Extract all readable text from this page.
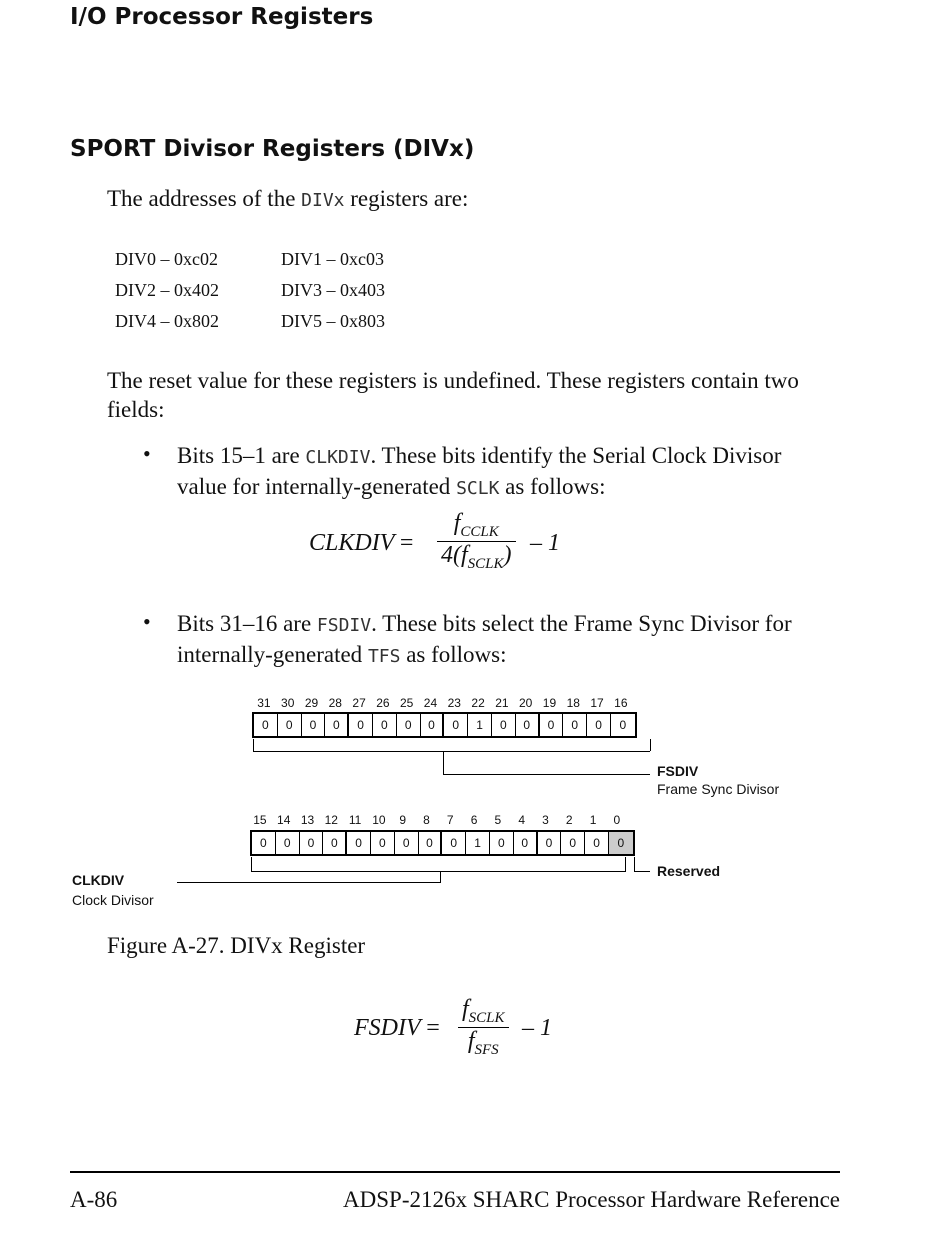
I/O Processor Registers
SPORT Divisor Registers (DIVx)
The addresses of the DIVx registers are:
DIV0 – 0xc02	DIV1 – 0xc03
DIV2 – 0x402	DIV3 – 0x403
DIV4 – 0x802	DIV5 – 0x803
The reset value for these registers is undefined. These registers contain two
fields:
• Bits 15–1 are CLKDIV. These bits identify the Serial Clock Divisor
value for internally-generated SCLK as follows:
CLKDIV =
$f_{CCLK}$
$4(f_{SCLK}) - 1$
• Bits 31–16 are FSDIV. These bits select the Frame Sync Divisor for
internally-generated TFS as follows:
31 30 29 28 27 26 25 24 23 22 21 20 19 18 17 16
0	0	0	0	0	0	0	0	0	1	0	0	0	0	0	0
FSDIV
Frame Sync Divisor
15 14 13 12 11 10	9	8	7	6	5	4	3	2	1	0
0	0	0	0	0	0	0	0	0	1	0	0	0	0	0	0
Reserved
CLKDIV
Clock Divisor
Figure A-27. DIVx Register
FSDIV =
$f_{SCLK}$
$f_{SFS}$
– 1
A-86	ADSP-2126x SHARC Processor Hardware Reference
